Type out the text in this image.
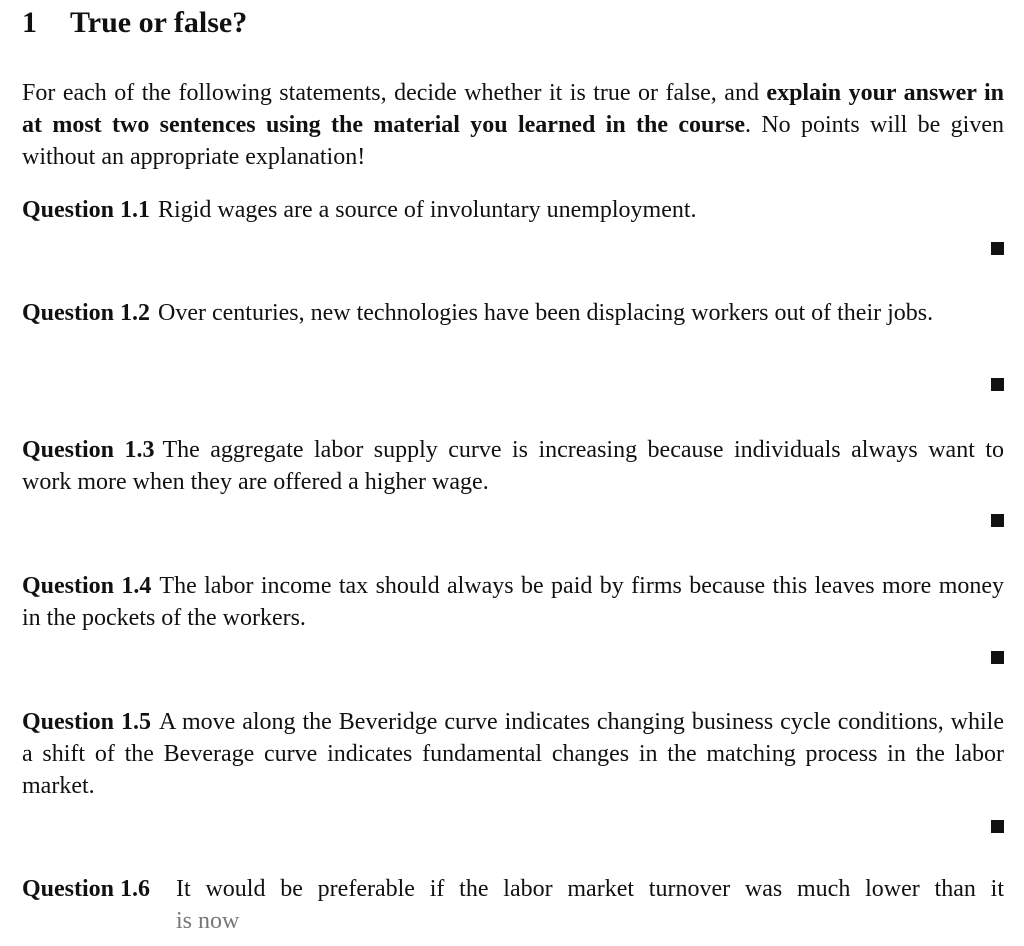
1 True or false?

For each of the following statements, decide whether it is true or false, and explain your answer in at most two sentences using the material you learned in the course. No points will be given without an appropriate explanation!

Question 1.1 Rigid wages are a source of involuntary unemployment.

Question 1.2 Over centuries, new technologies have been displacing workers out of their jobs.

Question 1.3 The aggregate labor supply curve is increasing because individuals always want to work more when they are offered a higher wage.

Question 1.4 The labor income tax should always be paid by firms because this leaves more money in the pockets of the workers.

Question 1.5 A move along the Beveridge curve indicates changing business cycle conditions, while a shift of the Beverage curve indicates fundamental changes in the matching process in the labor market.

Question 1.6 It would be preferable if the labor market turnover was much lower than it
is now
